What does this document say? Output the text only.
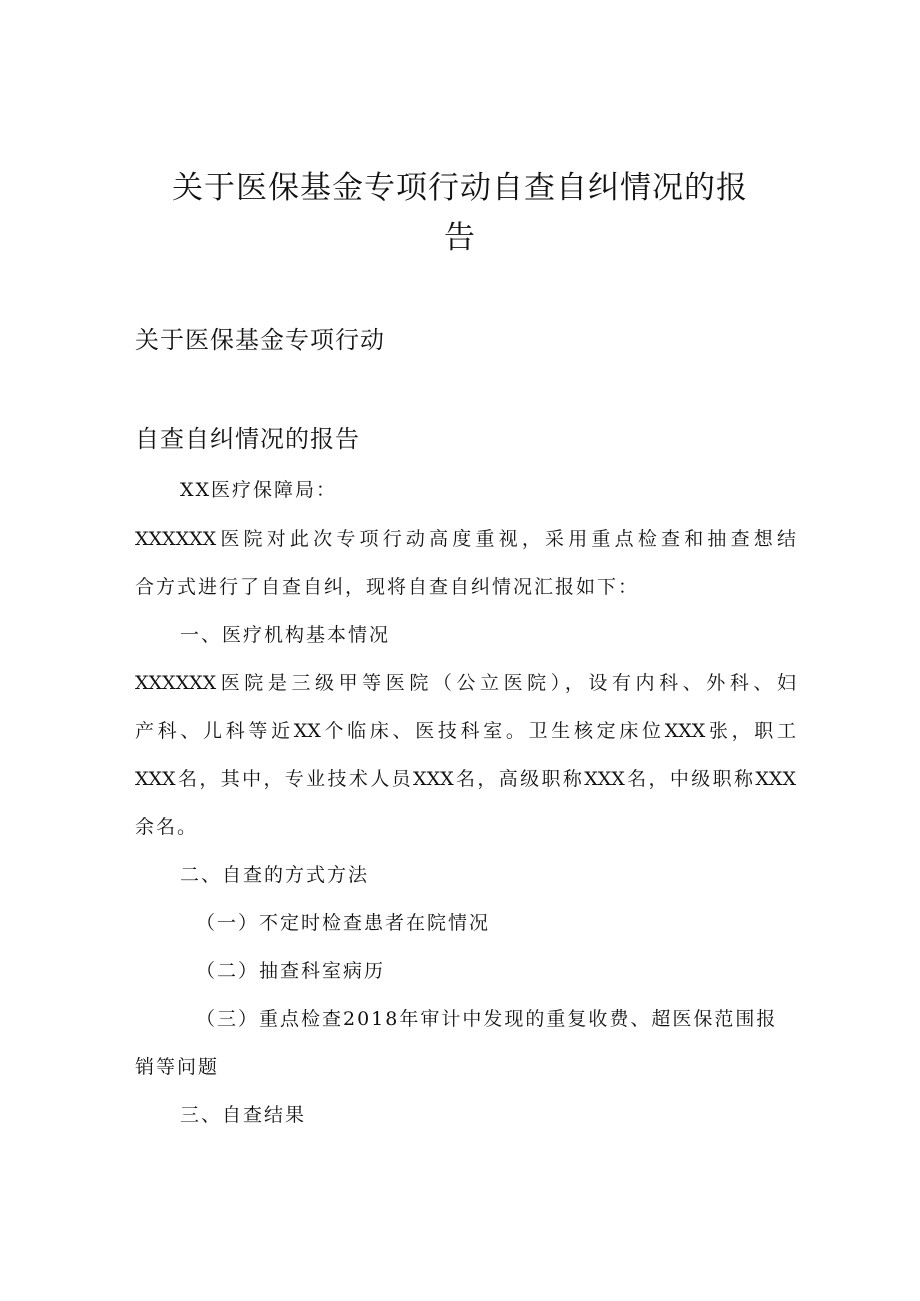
关于医保基金专项行动自查自纠情况的报
告
关于医保基金专项行动
自查自纠情况的报告
XX医疗保障局：
XXXXXX医院对此次专项行动高度重视，采用重点检查和抽查想结
合方式进行了自查自纠，现将自查自纠情况汇报如下：
一、医疗机构基本情况
XXXXXX医院是三级甲等医院（公立医院），设有内科、外科、妇
产科、儿科等近XX个临床、医技科室。卫生核定床位XXX张，职工
XXX名，其中，专业技术人员XXX名，高级职称XXX名，中级职称XXX
余名。
二、自查的方式方法
（一）不定时检查患者在院情况
（二）抽查科室病历
（三）重点检查2018年审计中发现的重复收费、超医保范围报
销等问题
三、自查结果
